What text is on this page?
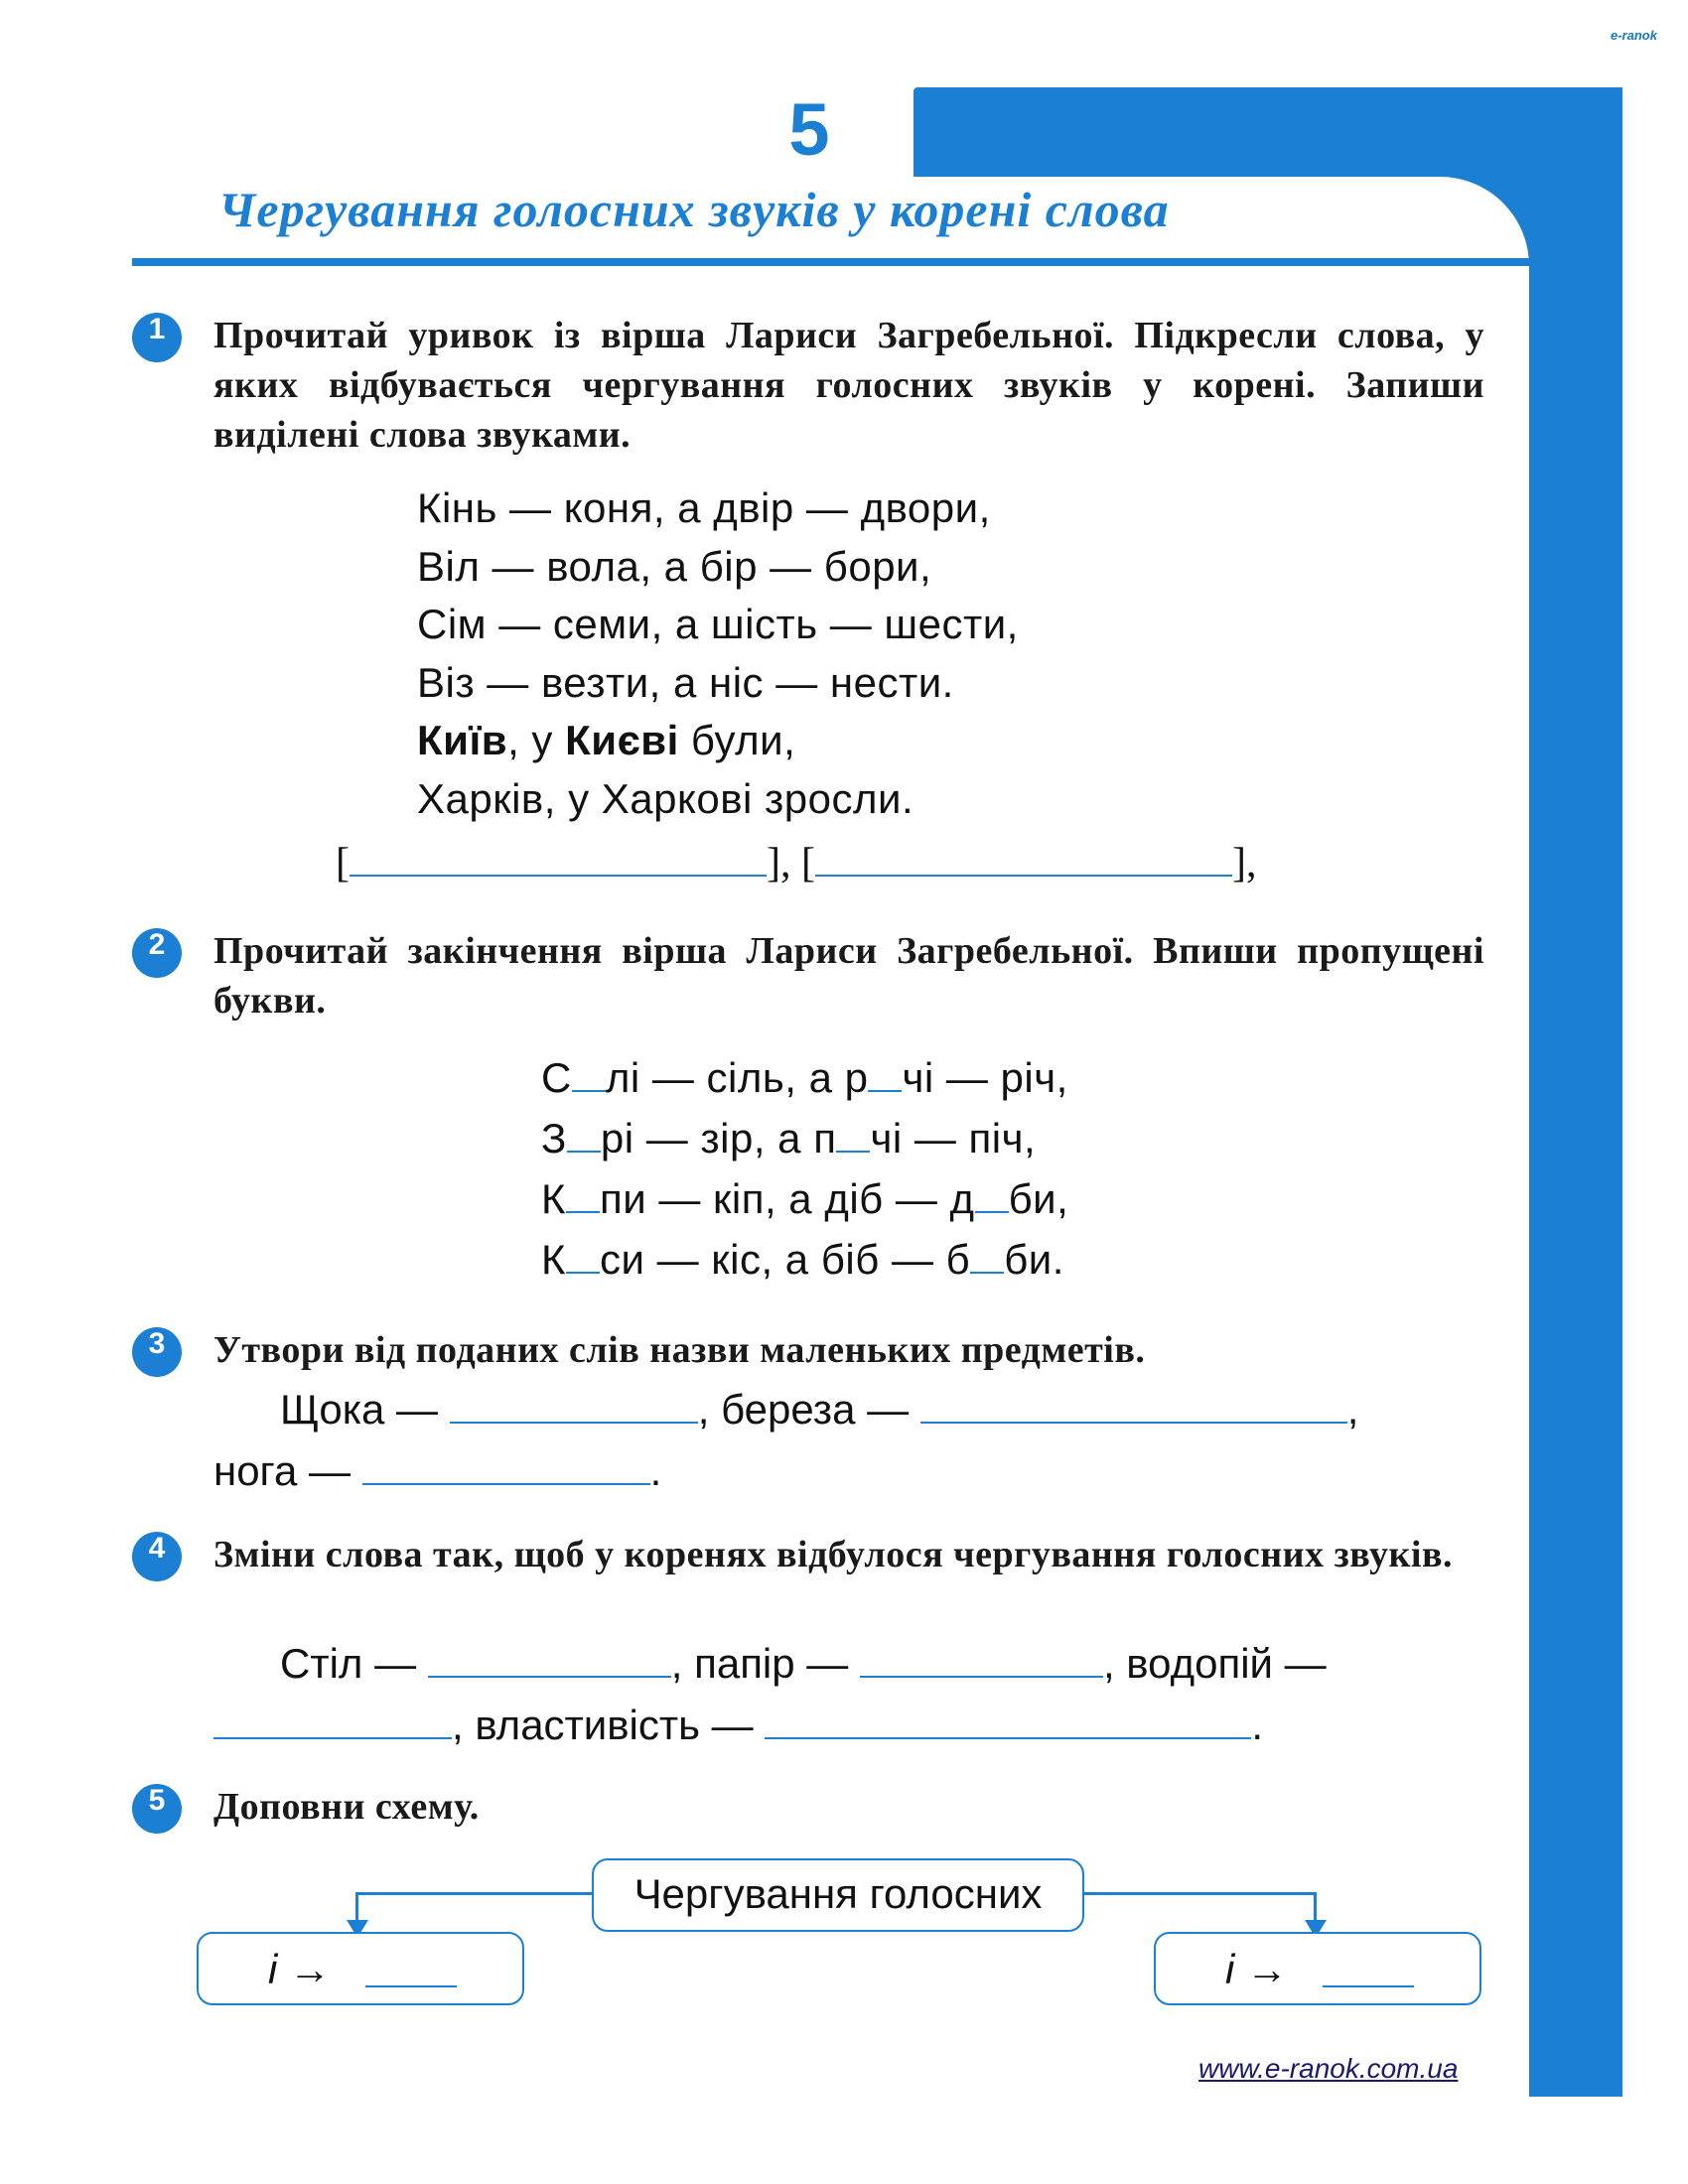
e-ranok
5
Чергування голосних звуків у корені слова
1	Прочитай уривок із вірша Лариси Загребельної. Підкресли слова, у яких відбувається чергування голосних звуків у корені. Запиши виділені слова звуками.
Кінь — коня, а двір — двори,
Віл — вола, а бір — бори,
Сім — семи, а шість — шести,
Віз — везти, а ніс — нести.
Київ, у Києві були,
Харків, у Харкові зросли.
[	], [	],
2	Прочитай закінчення вірша Лариси Загребельної. Впиши пропущені букви.
С лі — сіль, а р чі — річ,
З рі — зір, а п чі — піч,
К пи — кіп, а діб — д би,
К си — кіс, а біб — б би.
3	Утвори від поданих слів назви маленьких предметів.
Щока —	, береза —	,
нога —	.
4	Зміни слова так, щоб у коренях відбулося чергування голосних звуків.
Стіл —	, папір —	, водопій —
, властивість —	.
5	Доповни схему.
Чергування голосних
і →	і →
www.e-ranok.com.ua
